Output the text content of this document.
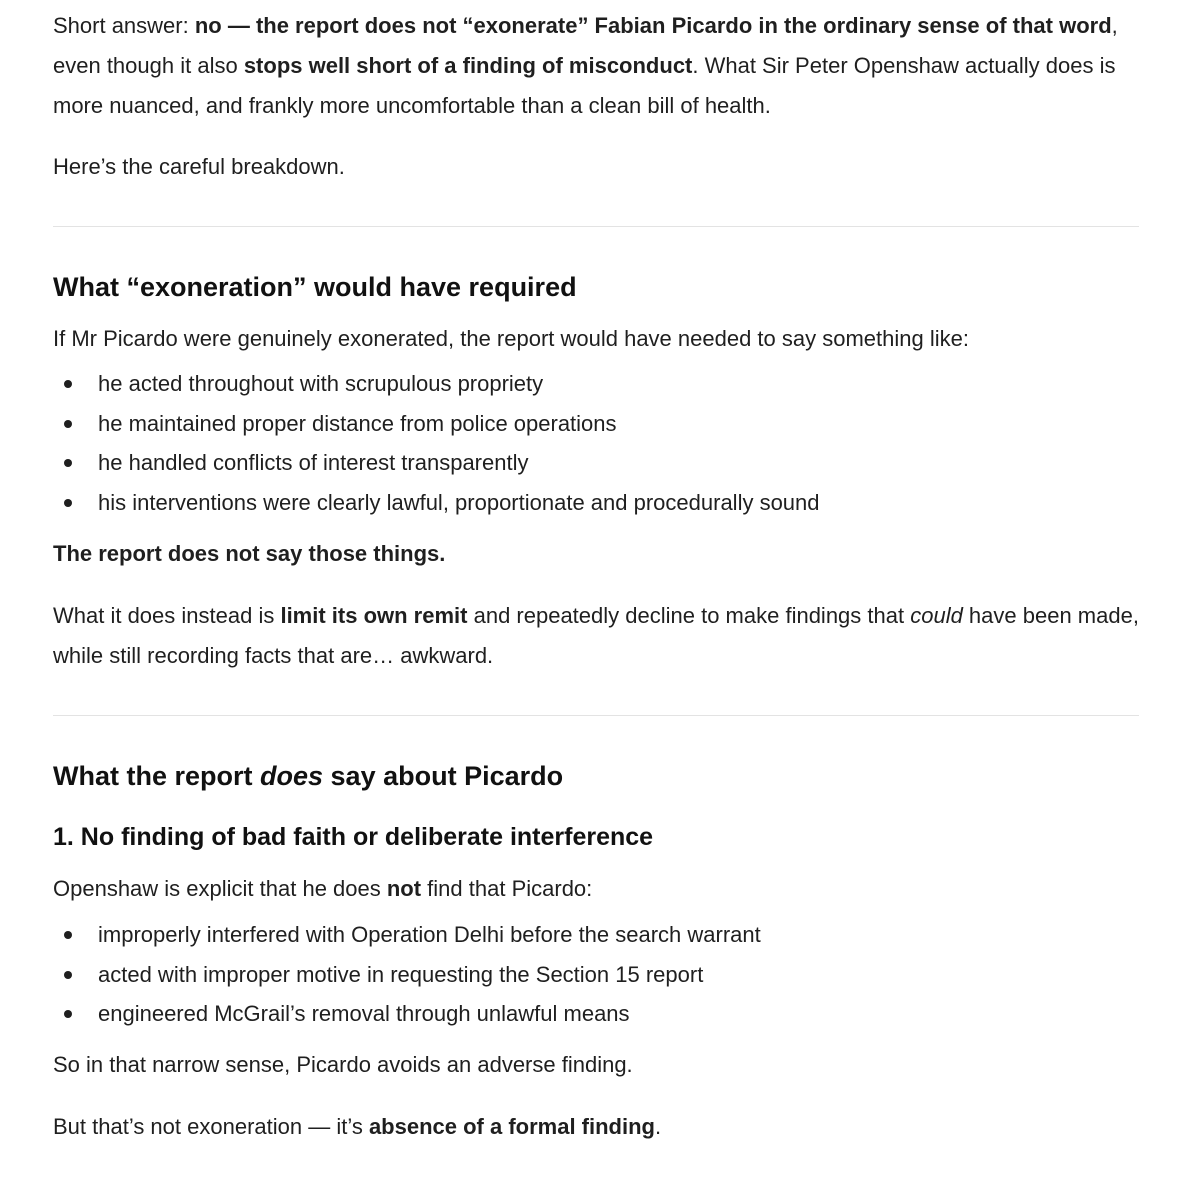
Short answer: no — the report does not “exonerate” Fabian Picardo in the ordinary sense of that word, even though it also stops well short of a finding of misconduct. What Sir Peter Openshaw actually does is more nuanced, and frankly more uncomfortable than a clean bill of health.

Here’s the careful breakdown.

What “exoneration” would have required

If Mr Picardo were genuinely exonerated, the report would have needed to say something like:

he acted throughout with scrupulous propriety
he maintained proper distance from police operations
he handled conflicts of interest transparently
his interventions were clearly lawful, proportionate and procedurally sound

The report does not say those things.

What it does instead is limit its own remit and repeatedly decline to make findings that could have been made, while still recording facts that are… awkward.

What the report does say about Picardo
1. No finding of bad faith or deliberate interference

Openshaw is explicit that he does not find that Picardo:

improperly interfered with Operation Delhi before the search warrant
acted with improper motive in requesting the Section 15 report
engineered McGrail’s removal through unlawful means

So in that narrow sense, Picardo avoids an adverse finding.

But that’s not exoneration — it’s absence of a formal finding.
